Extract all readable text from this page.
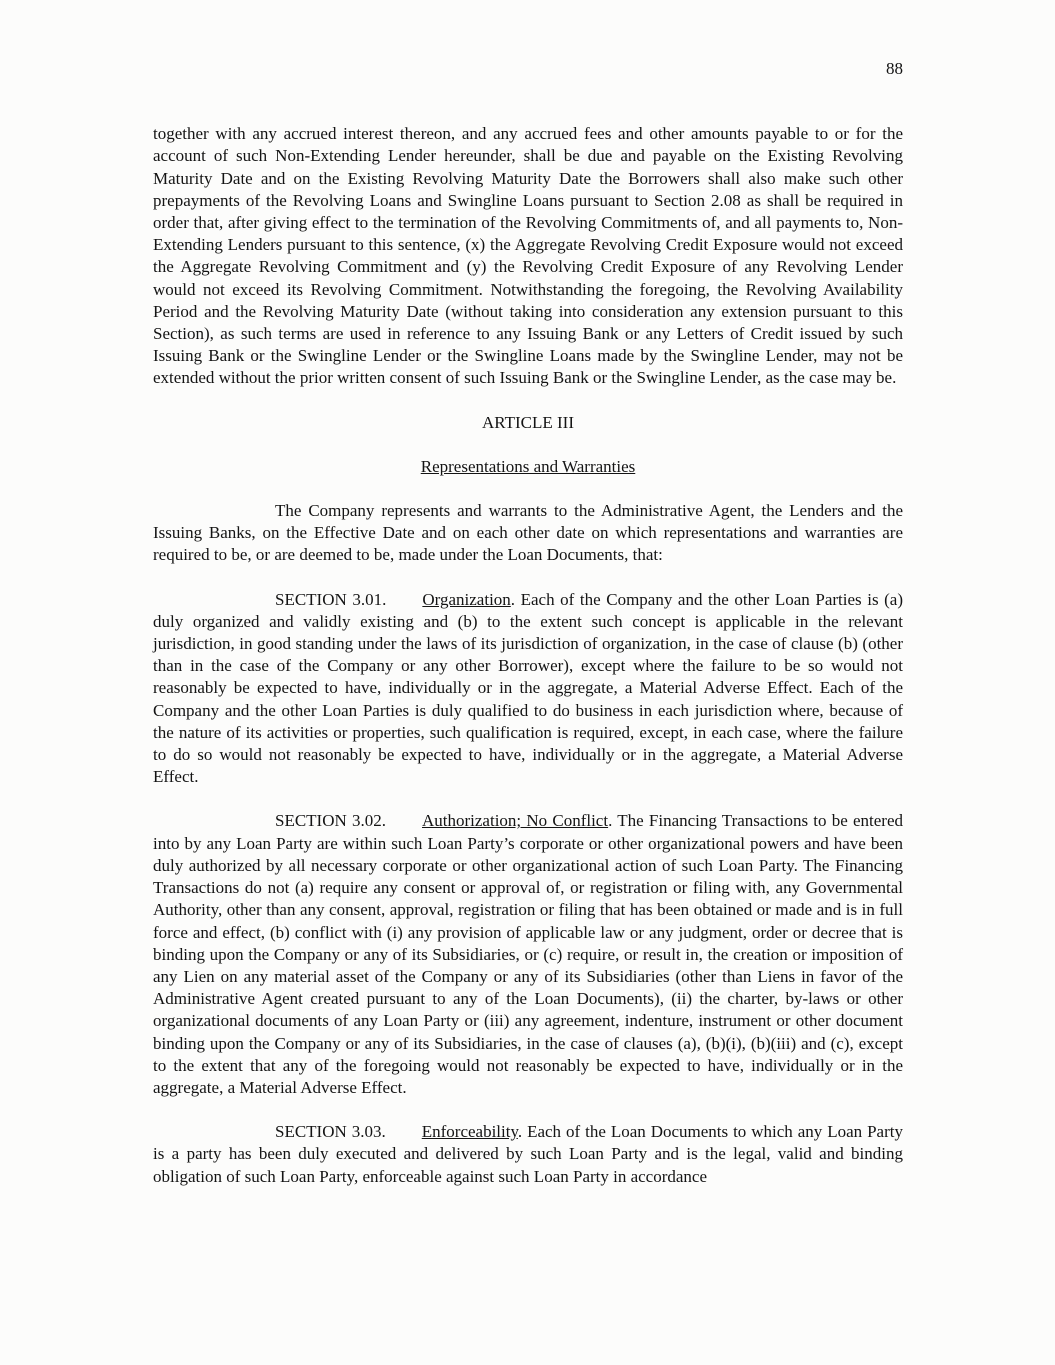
88

together with any accrued interest thereon, and any accrued fees and other amounts payable to or for the account of such Non-Extending Lender hereunder, shall be due and payable on the Existing Revolving Maturity Date and on the Existing Revolving Maturity Date the Borrowers shall also make such other prepayments of the Revolving Loans and Swingline Loans pursuant to Section 2.08 as shall be required in order that, after giving effect to the termination of the Revolving Commitments of, and all payments to, Non-Extending Lenders pursuant to this sentence, (x) the Aggregate Revolving Credit Exposure would not exceed the Aggregate Revolving Commitment and (y) the Revolving Credit Exposure of any Revolving Lender would not exceed its Revolving Commitment. Notwithstanding the foregoing, the Revolving Availability Period and the Revolving Maturity Date (without taking into consideration any extension pursuant to this Section), as such terms are used in reference to any Issuing Bank or any Letters of Credit issued by such Issuing Bank or the Swingline Lender or the Swingline Loans made by the Swingline Lender, may not be extended without the prior written consent of such Issuing Bank or the Swingline Lender, as the case may be.

ARTICLE III
Representations and Warranties

The Company represents and warrants to the Administrative Agent, the Lenders and the Issuing Banks, on the Effective Date and on each other date on which representations and warranties are required to be, or are deemed to be, made under the Loan Documents, that:

SECTION 3.01. Organization. Each of the Company and the other Loan Parties is (a) duly organized and validly existing and (b) to the extent such concept is applicable in the relevant jurisdiction, in good standing under the laws of its jurisdiction of organization, in the case of clause (b) (other than in the case of the Company or any other Borrower), except where the failure to be so would not reasonably be expected to have, individually or in the aggregate, a Material Adverse Effect. Each of the Company and the other Loan Parties is duly qualified to do business in each jurisdiction where, because of the nature of its activities or properties, such qualification is required, except, in each case, where the failure to do so would not reasonably be expected to have, individually or in the aggregate, a Material Adverse Effect.

SECTION 3.02. Authorization; No Conflict. The Financing Transactions to be entered into by any Loan Party are within such Loan Party’s corporate or other organizational powers and have been duly authorized by all necessary corporate or other organizational action of such Loan Party. The Financing Transactions do not (a) require any consent or approval of, or registration or filing with, any Governmental Authority, other than any consent, approval, registration or filing that has been obtained or made and is in full force and effect, (b) conflict with (i) any provision of applicable law or any judgment, order or decree that is binding upon the Company or any of its Subsidiaries, or (c) require, or result in, the creation or imposition of any Lien on any material asset of the Company or any of its Subsidiaries (other than Liens in favor of the Administrative Agent created pursuant to any of the Loan Documents), (ii) the charter, by-laws or other organizational documents of any Loan Party or (iii) any agreement, indenture, instrument or other document binding upon the Company or any of its Subsidiaries, in the case of clauses (a), (b)(i), (b)(iii) and (c), except to the extent that any of the foregoing would not reasonably be expected to have, individually or in the aggregate, a Material Adverse Effect.

SECTION 3.03. Enforceability. Each of the Loan Documents to which any Loan Party is a party has been duly executed and delivered by such Loan Party and is the legal, valid and binding obligation of such Loan Party, enforceable against such Loan Party in accordance
